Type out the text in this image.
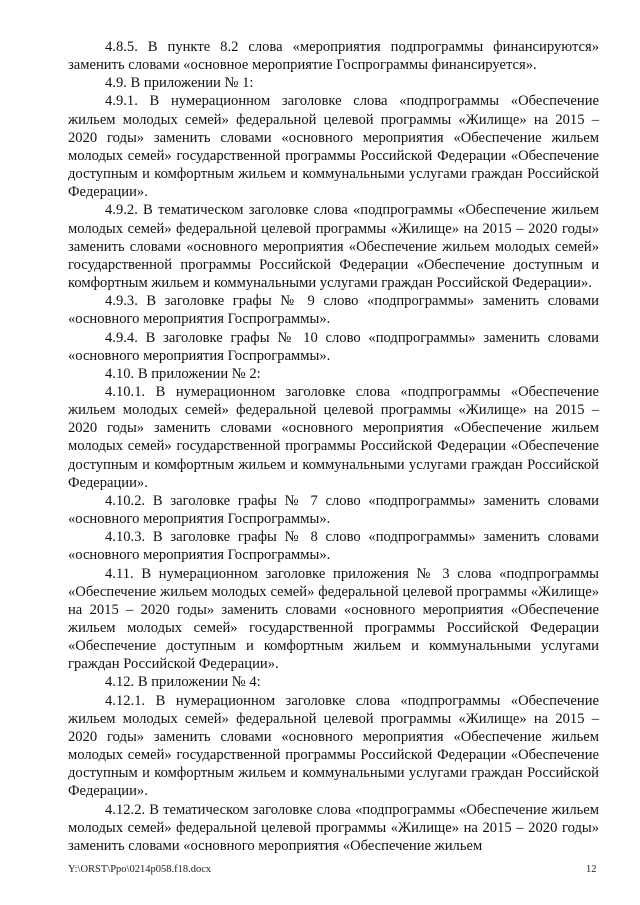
4.8.5. В пункте 8.2 слова «мероприятия подпрограммы финансируются» заменить словами «основное мероприятие Госпрограммы финансируется».

4.9. В приложении № 1:

4.9.1. В нумерационном заголовке слова «подпрограммы «Обеспечение жильем молодых семей» федеральной целевой программы «Жилище» на 2015 – 2020 годы» заменить словами «основного мероприятия «Обеспечение жильем молодых семей» государственной программы Российской Федерации «Обеспечение доступным и комфортным жильем и коммунальными услугами граждан Российской Федерации».

4.9.2. В тематическом заголовке слова «подпрограммы «Обеспечение жильем молодых семей» федеральной целевой программы «Жилище» на 2015 – 2020 годы» заменить словами «основного мероприятия «Обеспечение жильем молодых семей» государственной программы Российской Федерации «Обеспечение доступным и комфортным жильем и коммунальными услугами граждан Российской Федерации».

4.9.3. В заголовке графы № 9 слово «подпрограммы» заменить словами «основного мероприятия Госпрограммы».

4.9.4. В заголовке графы № 10 слово «подпрограммы» заменить словами «основного мероприятия Госпрограммы».

4.10. В приложении № 2:

4.10.1. В нумерационном заголовке слова «подпрограммы «Обеспечение жильем молодых семей» федеральной целевой программы «Жилище» на 2015 – 2020 годы» заменить словами «основного мероприятия «Обеспечение жильем молодых семей» государственной программы Российской Федерации «Обеспечение доступным и комфортным жильем и коммунальными услугами граждан Российской Федерации».

4.10.2. В заголовке графы № 7 слово «подпрограммы» заменить словами «основного мероприятия Госпрограммы».

4.10.3. В заголовке графы № 8 слово «подпрограммы» заменить словами «основного мероприятия Госпрограммы».

4.11. В нумерационном заголовке приложения № 3 слова «подпрограммы «Обеспечение жильем молодых семей» федеральной целевой программы «Жилище» на 2015 – 2020 годы» заменить словами «основного мероприятия «Обеспечение жильем молодых семей» государственной программы Российской Федерации «Обеспечение доступным и комфортным жильем и коммунальными услугами граждан Российской Федерации».

4.12. В приложении № 4:

4.12.1. В нумерационном заголовке слова «подпрограммы «Обеспечение жильем молодых семей» федеральной целевой программы «Жилище» на 2015 – 2020 годы» заменить словами «основного мероприятия «Обеспечение жильем молодых семей» государственной программы Российской Федерации «Обеспечение доступным и комфортным жильем и коммунальными услугами граждан Российской Федерации».

4.12.2. В тематическом заголовке слова «подпрограммы «Обеспечение жильем молодых семей» федеральной целевой программы «Жилище» на 2015 – 2020 годы» заменить словами «основного мероприятия «Обеспечение жильем

Y:\ORST\Ppo\0214p058.f18.docx	12
